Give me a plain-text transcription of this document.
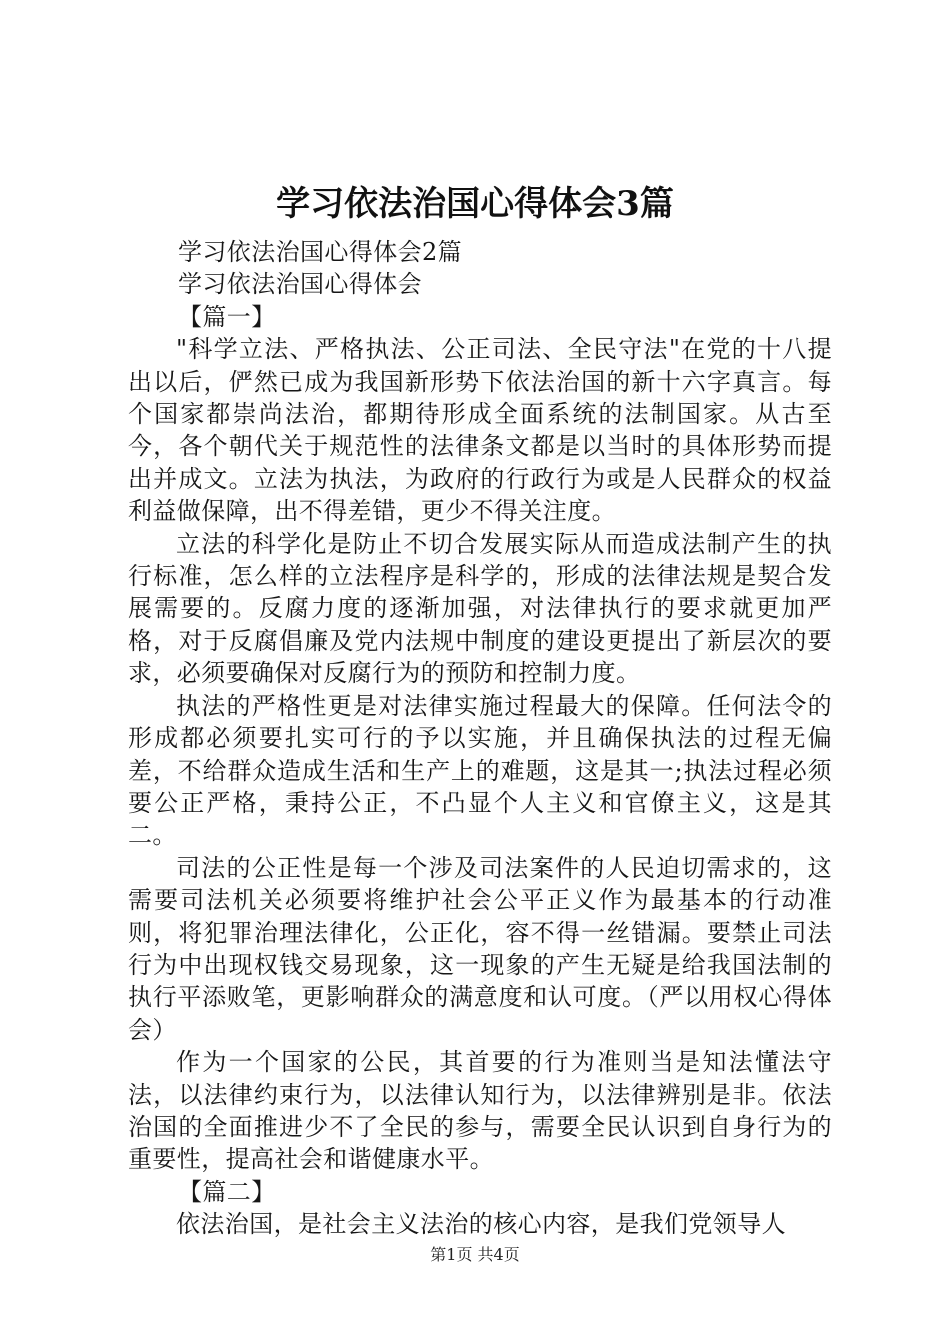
学习依法治国心得体会3篇

学习依法治国心得体会2篇

学习依法治国心得体会

【篇一】

"科学立法、严格执法、公正司法、全民守法"在党的十八提出以后，俨然已成为我国新形势下依法治国的新十六字真言。每个国家都崇尚法治，都期待形成全面系统的法制国家。从古至今，各个朝代关于规范性的法律条文都是以当时的具体形势而提出并成文。立法为执法，为政府的行政行为或是人民群众的权益利益做保障，出不得差错，更少不得关注度。

立法的科学化是防止不切合发展实际从而造成法制产生的执行标准，怎么样的立法程序是科学的，形成的法律法规是契合发展需要的。反腐力度的逐渐加强，对法律执行的要求就更加严格，对于反腐倡廉及党内法规中制度的建设更提出了新层次的要求，必须要确保对反腐行为的预防和控制力度。

执法的严格性更是对法律实施过程最大的保障。任何法令的形成都必须要扎实可行的予以实施，并且确保执法的过程无偏差，不给群众造成生活和生产上的难题，这是其一;执法过程必须要公正严格，秉持公正，不凸显个人主义和官僚主义，这是其二。

司法的公正性是每一个涉及司法案件的人民迫切需求的，这需要司法机关必须要将维护社会公平正义作为最基本的行动准则，将犯罪治理法律化，公正化，容不得一丝错漏。要禁止司法行为中出现权钱交易现象，这一现象的产生无疑是给我国法制的执行平添败笔，更影响群众的满意度和认可度。（严以用权心得体会）

作为一个国家的公民，其首要的行为准则当是知法懂法守法，以法律约束行为，以法律认知行为，以法律辨别是非。依法治国的全面推进少不了全民的参与，需要全民认识到自身行为的重要性，提高社会和谐健康水平。

【篇二】

依法治国，是社会主义法治的核心内容，是我们党领导人

第1页 共4页
